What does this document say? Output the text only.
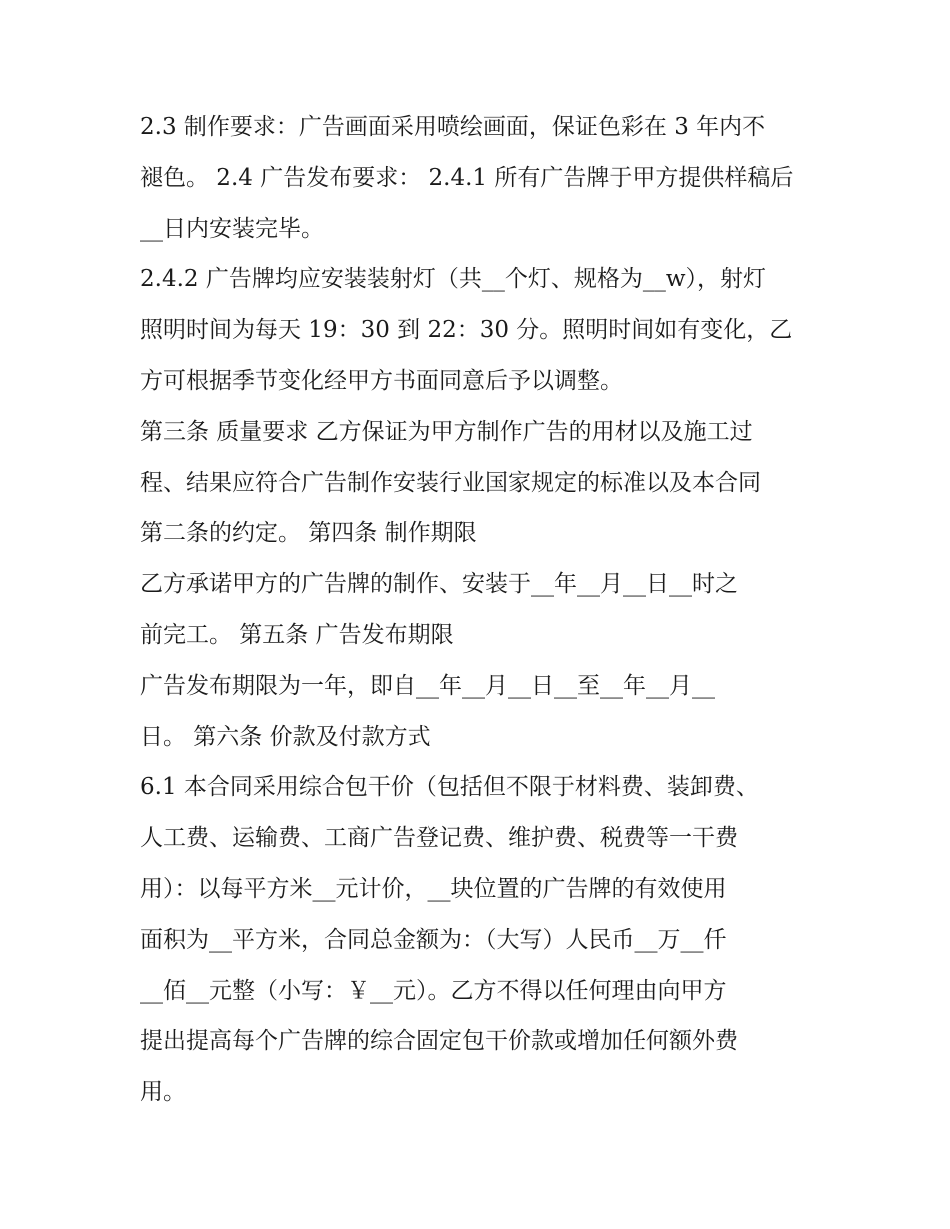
2.3 制作要求：广告画面采用喷绘画面，保证色彩在 3 年内不
褪色。 2.4 广告发布要求： 2.4.1 所有广告牌于甲方提供样稿后
__日内安装完毕。
2.4.2 广告牌均应安装装射灯（共__个灯、规格为__w），射灯
照明时间为每天 19：30 到 22：30 分。照明时间如有变化，乙
方可根据季节变化经甲方书面同意后予以调整。
第三条 质量要求 乙方保证为甲方制作广告的用材以及施工过
程、结果应符合广告制作安装行业国家规定的标准以及本合同
第二条的约定。 第四条 制作期限
乙方承诺甲方的广告牌的制作、安装于__年__月__日__时之
前完工。 第五条 广告发布期限
广告发布期限为一年，即自__年__月__日__至__年__月__
日。 第六条 价款及付款方式
6.1 本合同采用综合包干价（包括但不限于材料费、装卸费、
人工费、运输费、工商广告登记费、维护费、税费等一干费
用）：以每平方米__元计价，__块位置的广告牌的有效使用
面积为__平方米，合同总金额为：（大写）人民币__万__仟
__佰__元整（小写：￥__元）。乙方不得以任何理由向甲方
提出提高每个广告牌的综合固定包干价款或增加任何额外费
用。
